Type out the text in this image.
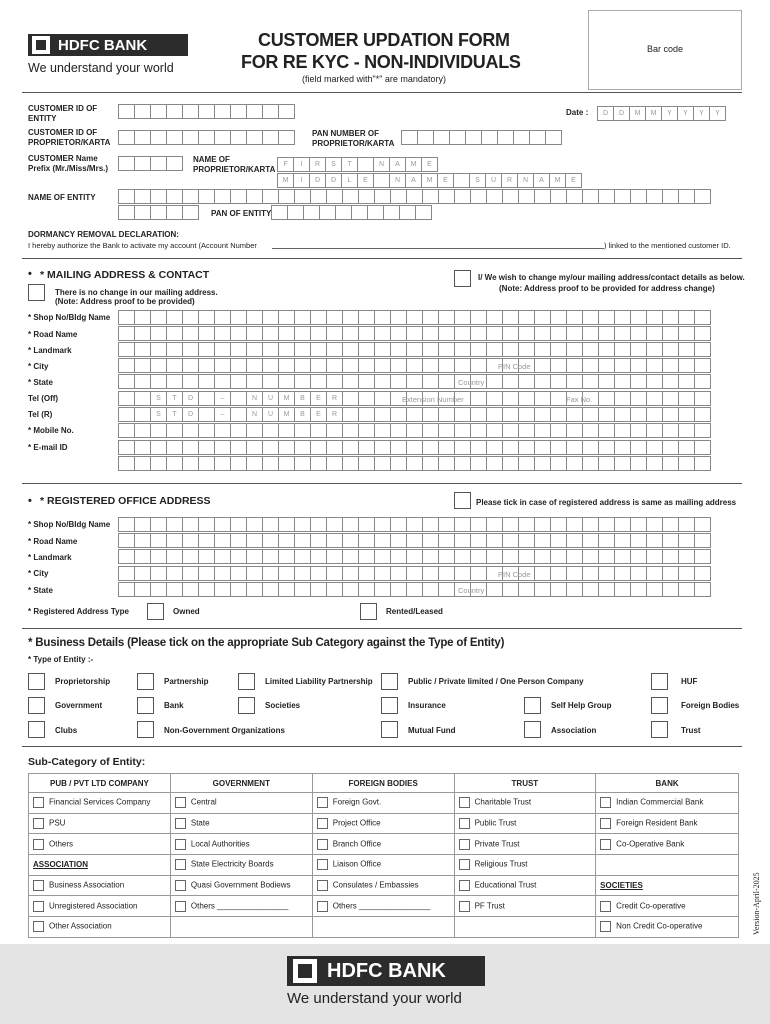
HDFC BANK
We understand your world
CUSTOMER UPDATION FORM
FOR RE KYC - NON-INDIVIDUALS
(field marked with"*" are mandatory)
Bar code
CUSTOMER ID OF ENTITY
Date :	D	D	M	M	Y	Y	Y	Y
CUSTOMER ID OF PROPRIETOR/KARTA
PAN NUMBER OF PROPRIETOR/KARTA
CUSTOMER Name Prefix (Mr./Miss/Mrs.)
NAME OF PROPRIETOR/KARTA
F	I	R	S	T	N	A	M	E
M	I	D	D	L	E	N	A	M	E	S	U	R	N	A	M	E
NAME OF ENTITY
PAN OF ENTITY
DORMANCY REMOVAL DECLARATION:
I hereby authorize the Bank to activate my account (Account Number	) linked to the mentioned customer ID.
• * MAILING ADDRESS & CONTACT
There is no change in our mailing address.
(Note: Address proof to be provided)
I/ We wish to change my/our mailing address/contact details as below.
(Note: Address proof to be provided for address change)
* Shop No/Bldg Name
* Road Name
* Landmark
* City
* State
Tel (Off)
Tel (R)
* Mobile No.
* E-mail ID
PIN Code
Country
S	T	D	–	N	U	M	B	E	R	Extension Number	Fax No.
S	T	D	–	N	U	M	B	E	R
• * REGISTERED OFFICE ADDRESS	Please tick in case of registered address is same as mailing address
* Shop No/Bldg Name
* Road Name
* Landmark
* City
* State
PIN Code
Country
* Registered Address Type	Owned	Rented/Leased
* Business Details (Please tick on the appropriate Sub Category against the Type of Entity)
* Type of Entity :-
Proprietorship	Partnership	Limited Liability Partnership	Public / Private limited / One Person Company	HUF
Government	Bank	Societies	Insurance	Self Help Group	Foreign Bodies
Clubs	Non-Government Organizations	Mutual Fund	Association	Trust
Sub-Category of Entity:
PUB / PVT LTD COMPANY	GOVERNMENT	FOREIGN BODIES	TRUST	BANK
Financial Services Company	Central	Foreign Govt.	Charitable Trust	Indian Commercial Bank
PSU	State	Project Office	Public Trust	Foreign Resident Bank
Others	Local Authorities	Branch Office	Private Trust	Co-Operative Bank
ASSOCIATION	State Electricity Boards	Liaison Office	Religious Trust	
Business Association	Quasi Government Bodiews	Consulates / Embassies	Educational Trust	SOCIETIES
Unregistered Association	Others ________________	Others ________________	PF Trust	Credit Co-operative
Other Association				Non Credit Co-operative	Version-April-2025
HDFC BANK
We understand your world
